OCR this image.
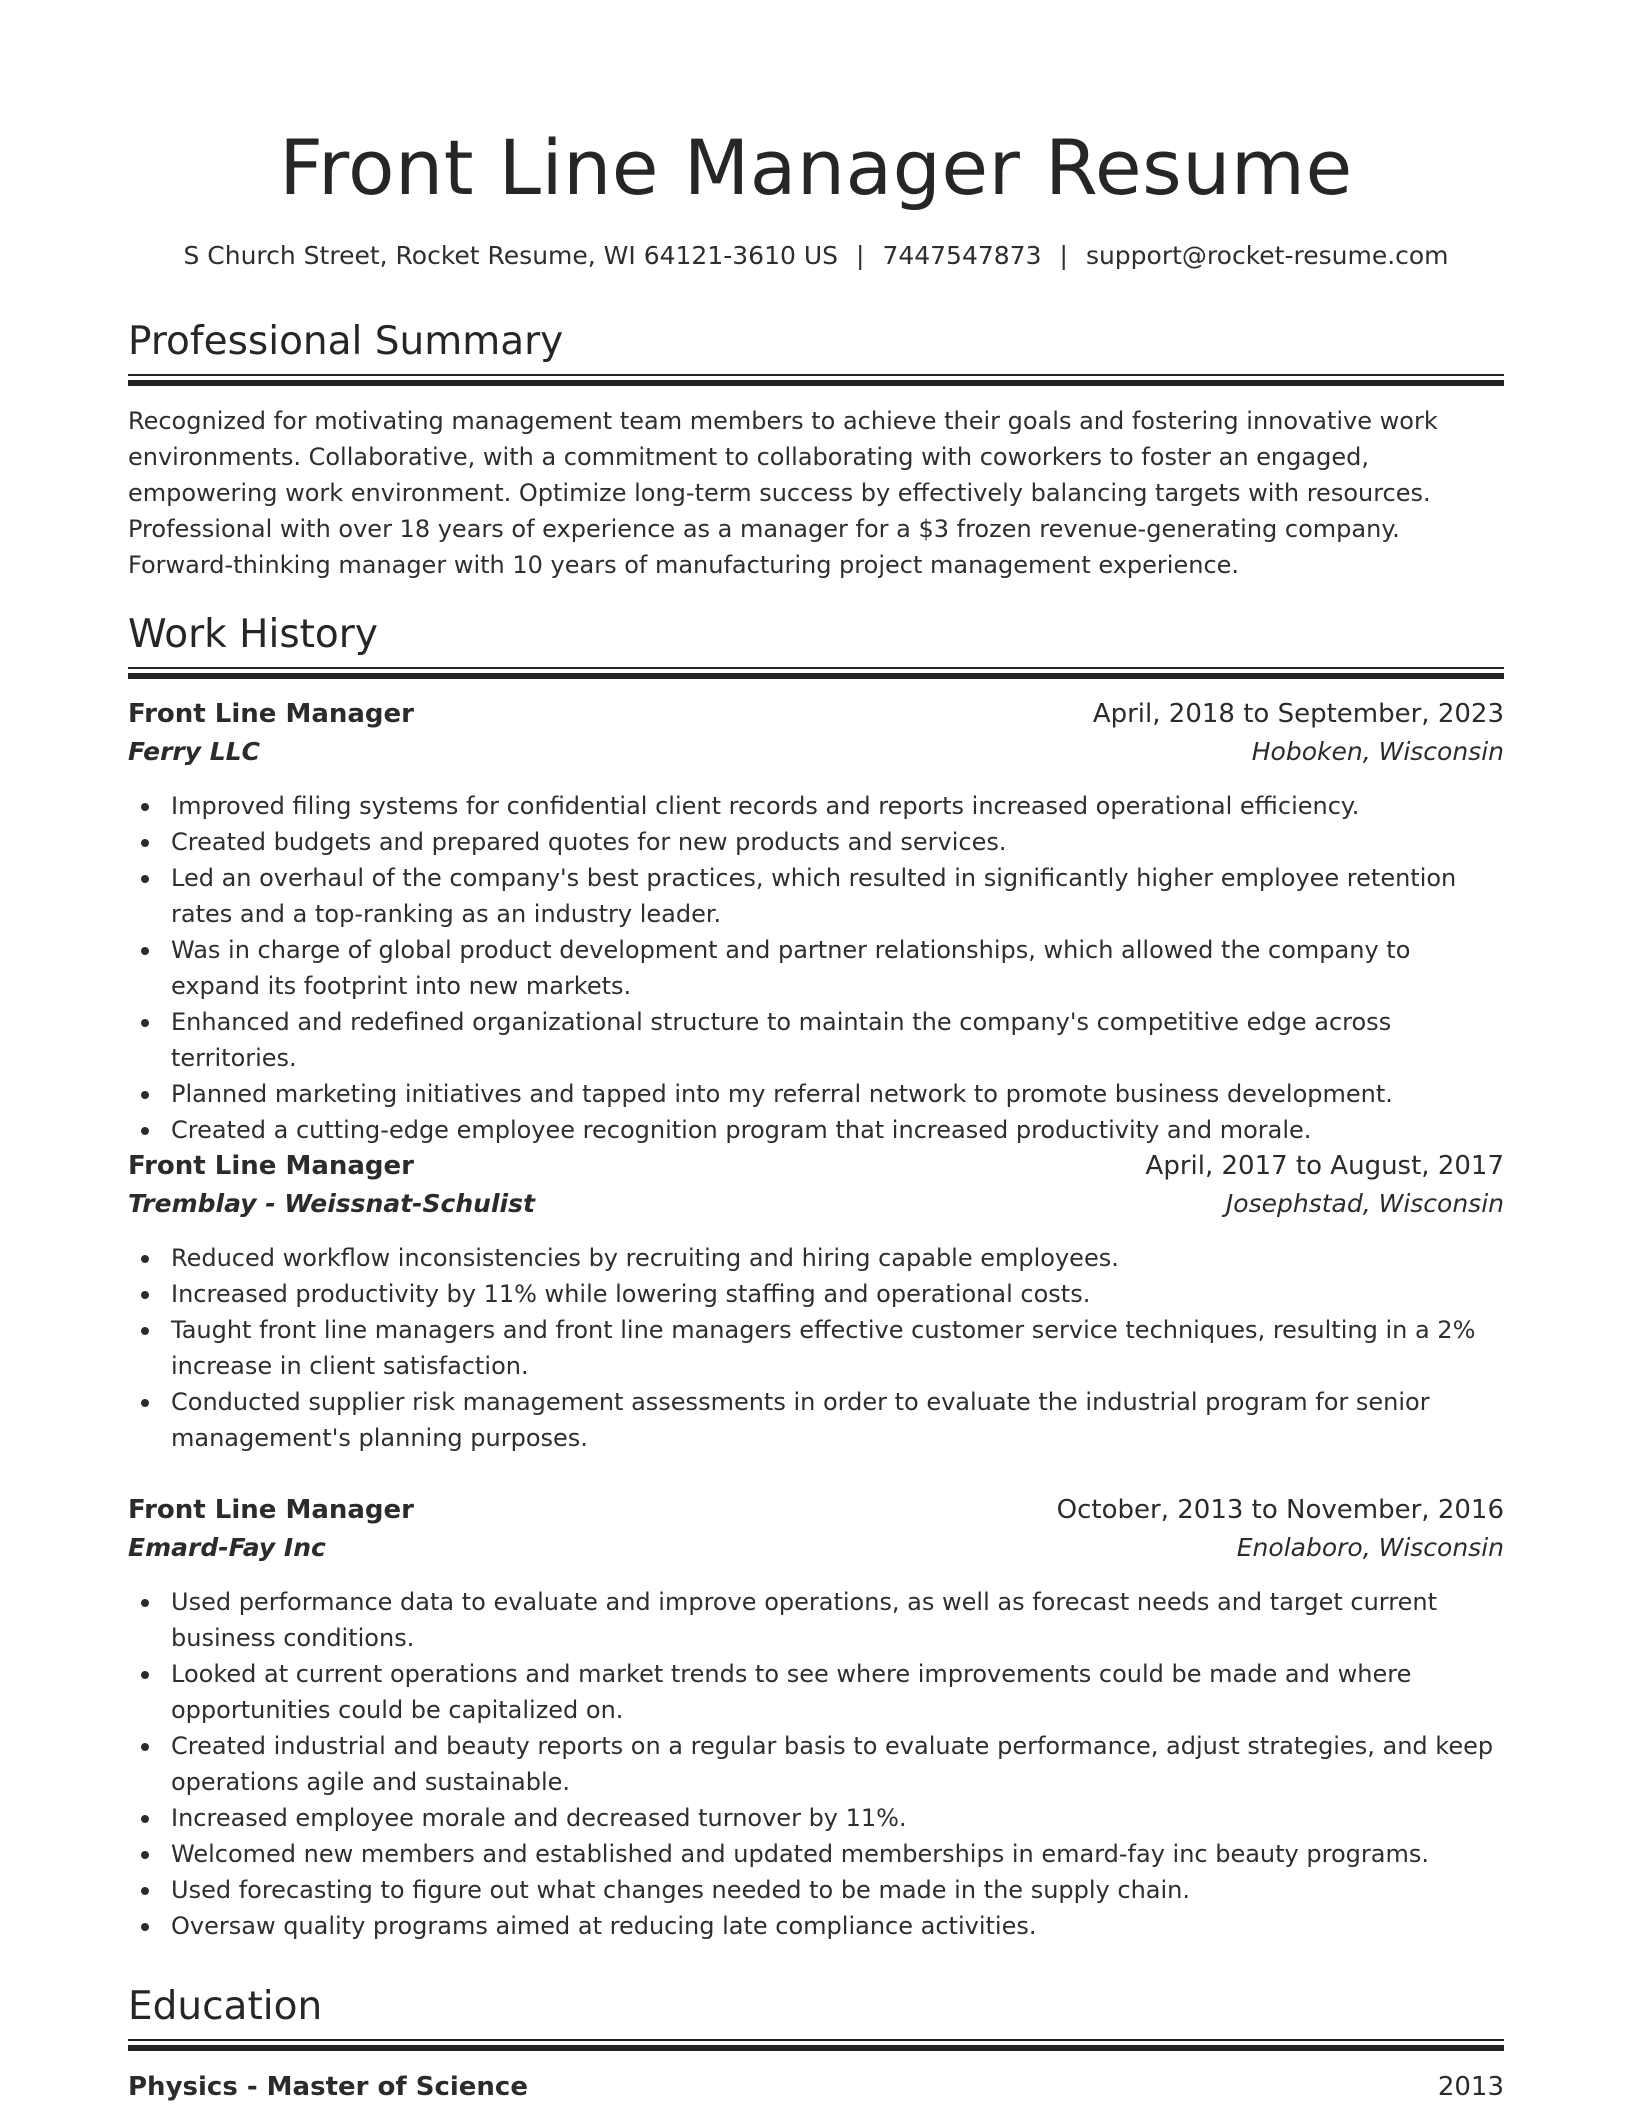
Front Line Manager Resume
S Church Street, Rocket Resume, WI 64121-3610 US | 7447547873 | support@rocket-resume.com
Professional Summary
Recognized for motivating management team members to achieve their goals and fostering innovative work environments. Collaborative, with a commitment to collaborating with coworkers to foster an engaged, empowering work environment. Optimize long-term success by effectively balancing targets with resources. Professional with over 18 years of experience as a manager for a $3 frozen revenue-generating company. Forward-thinking manager with 10 years of manufacturing project management experience.
Work History
Front Line Manager	April, 2018 to September, 2023
Ferry LLC	Hoboken, Wisconsin
Improved filing systems for confidential client records and reports increased operational efficiency.
Created budgets and prepared quotes for new products and services.
Led an overhaul of the company's best practices, which resulted in significantly higher employee retention rates and a top-ranking as an industry leader.
Was in charge of global product development and partner relationships, which allowed the company to expand its footprint into new markets.
Enhanced and redefined organizational structure to maintain the company's competitive edge across territories.
Planned marketing initiatives and tapped into my referral network to promote business development.
Created a cutting-edge employee recognition program that increased productivity and morale.
Front Line Manager	April, 2017 to August, 2017
Tremblay - Weissnat-Schulist	Josephstad, Wisconsin
Reduced workflow inconsistencies by recruiting and hiring capable employees.
Increased productivity by 11% while lowering staffing and operational costs.
Taught front line managers and front line managers effective customer service techniques, resulting in a 2% increase in client satisfaction.
Conducted supplier risk management assessments in order to evaluate the industrial program for senior management's planning purposes.
Front Line Manager	October, 2013 to November, 2016
Emard-Fay Inc	Enolaboro, Wisconsin
Used performance data to evaluate and improve operations, as well as forecast needs and target current business conditions.
Looked at current operations and market trends to see where improvements could be made and where opportunities could be capitalized on.
Created industrial and beauty reports on a regular basis to evaluate performance, adjust strategies, and keep operations agile and sustainable.
Increased employee morale and decreased turnover by 11%.
Welcomed new members and established and updated memberships in emard-fay inc beauty programs.
Used forecasting to figure out what changes needed to be made in the supply chain.
Oversaw quality programs aimed at reducing late compliance activities.
Education
Physics - Master of Science	2013
